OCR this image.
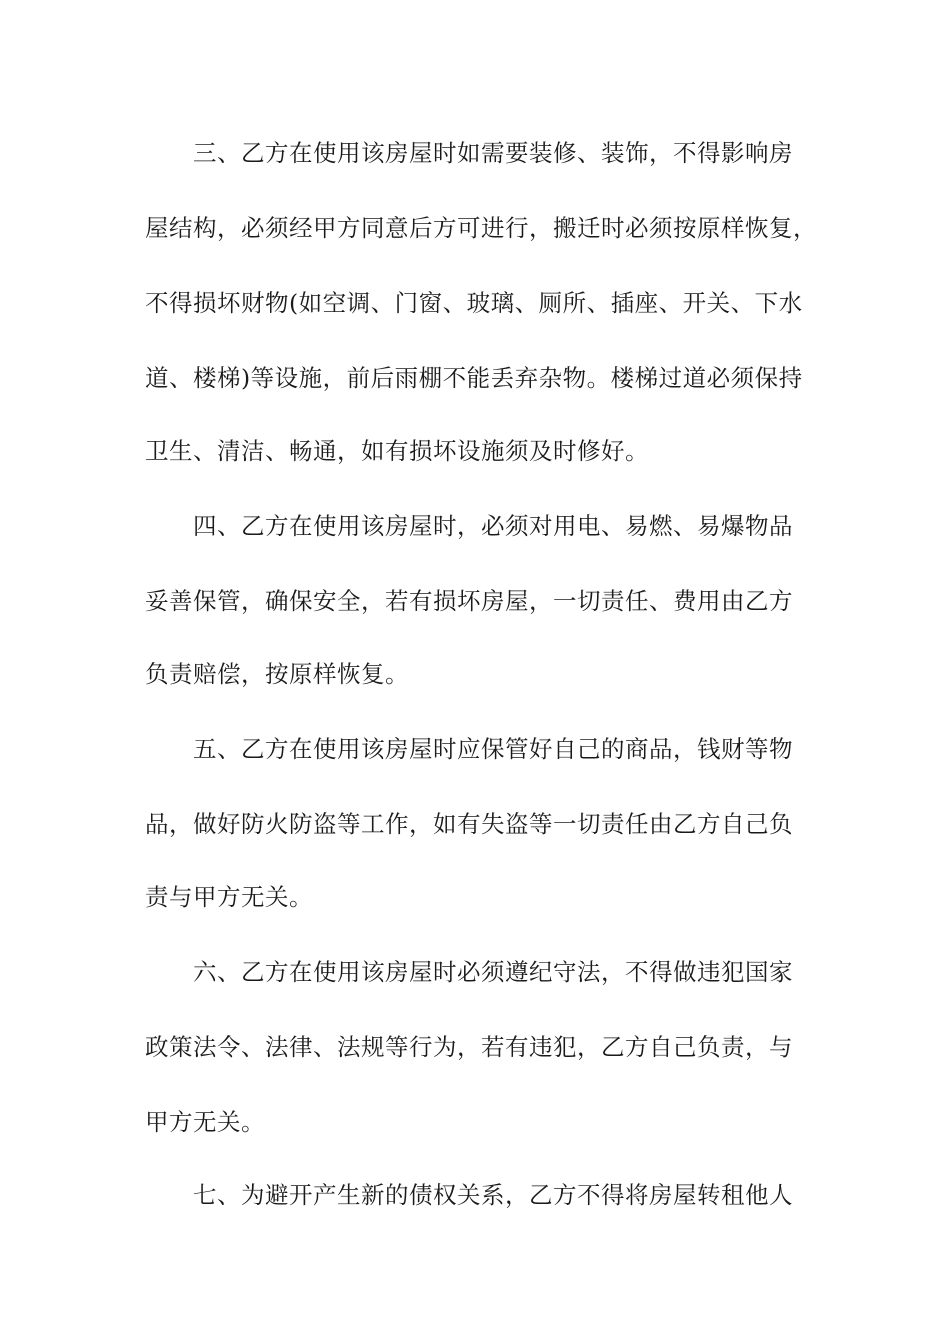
三、乙方在使用该房屋时如需要装修、装饰，不得影响房
屋结构，必须经甲方同意后方可进行，搬迁时必须按原样恢复，
不得损坏财物(如空调、门窗、玻璃、厕所、插座、开关、下水
道、楼梯)等设施，前后雨棚不能丢弃杂物。楼梯过道必须保持
卫生、清洁、畅通，如有损坏设施须及时修好。
四、乙方在使用该房屋时，必须对用电、易燃、易爆物品
妥善保管，确保安全，若有损坏房屋，一切责任、费用由乙方
负责赔偿，按原样恢复。
五、乙方在使用该房屋时应保管好自己的商品，钱财等物
品，做好防火防盗等工作，如有失盗等一切责任由乙方自己负
责与甲方无关。
六、乙方在使用该房屋时必须遵纪守法，不得做违犯国家
政策法令、法律、法规等行为，若有违犯，乙方自己负责，与
甲方无关。
七、为避开产生新的债权关系，乙方不得将房屋转租他人
